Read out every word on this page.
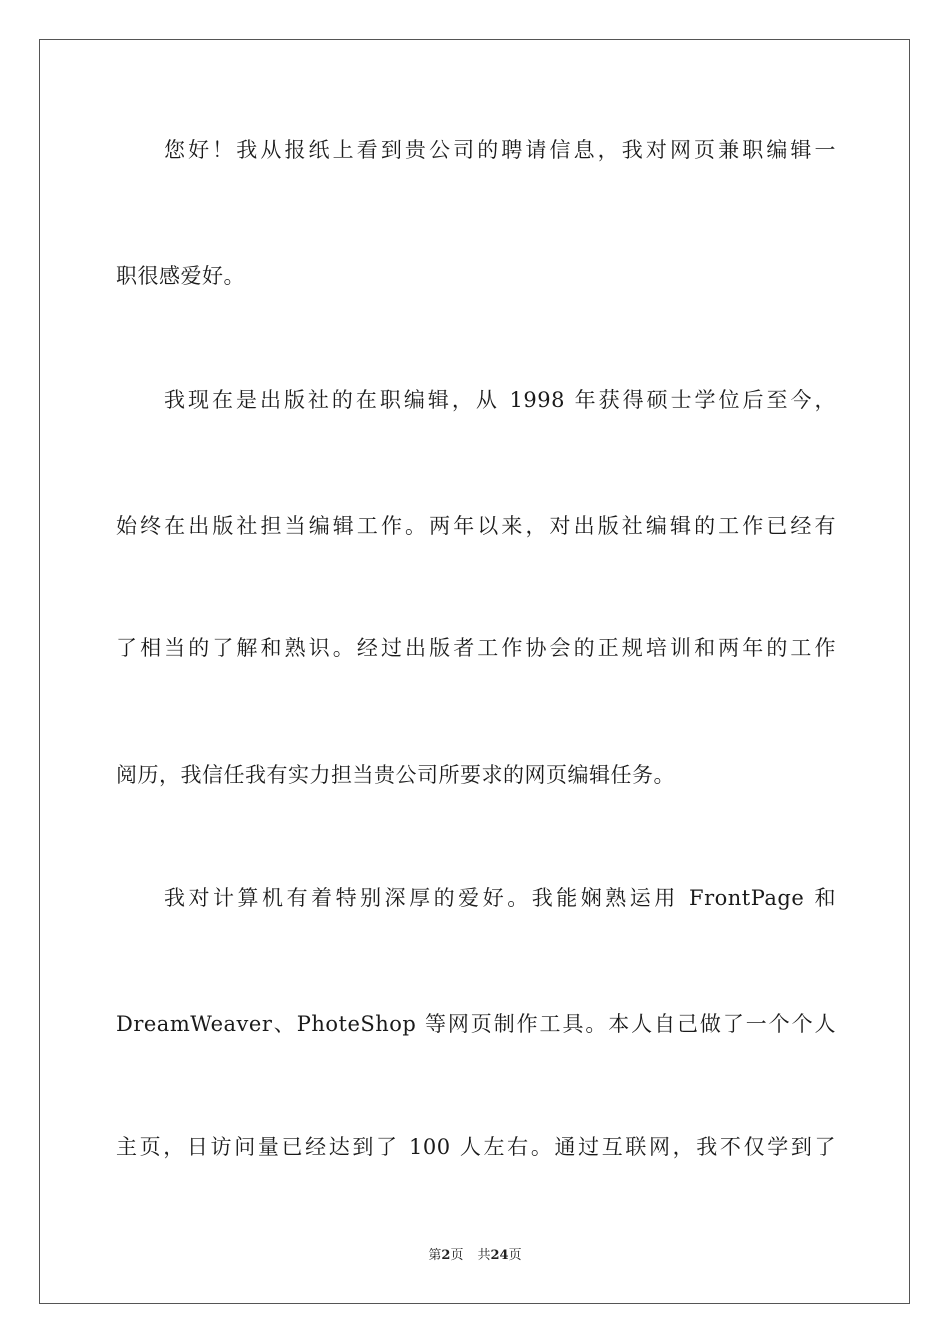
您好！我从报纸上看到贵公司的聘请信息，我对网页兼职编辑一
职很感爱好。
我现在是出版社的在职编辑，从 1998 年获得硕士学位后至今，
始终在出版社担当编辑工作。两年以来，对出版社编辑的工作已经有
了相当的了解和熟识。经过出版者工作协会的正规培训和两年的工作
阅历，我信任我有实力担当贵公司所要求的网页编辑任务。
我对计算机有着特别深厚的爱好。我能娴熟运用 FrontPage 和
DreamWeaver、PhoteShop 等网页制作工具。本人自己做了一个个人
主页，日访问量已经达到了 100 人左右。通过互联网，我不仅学到了
第2页 共24页
